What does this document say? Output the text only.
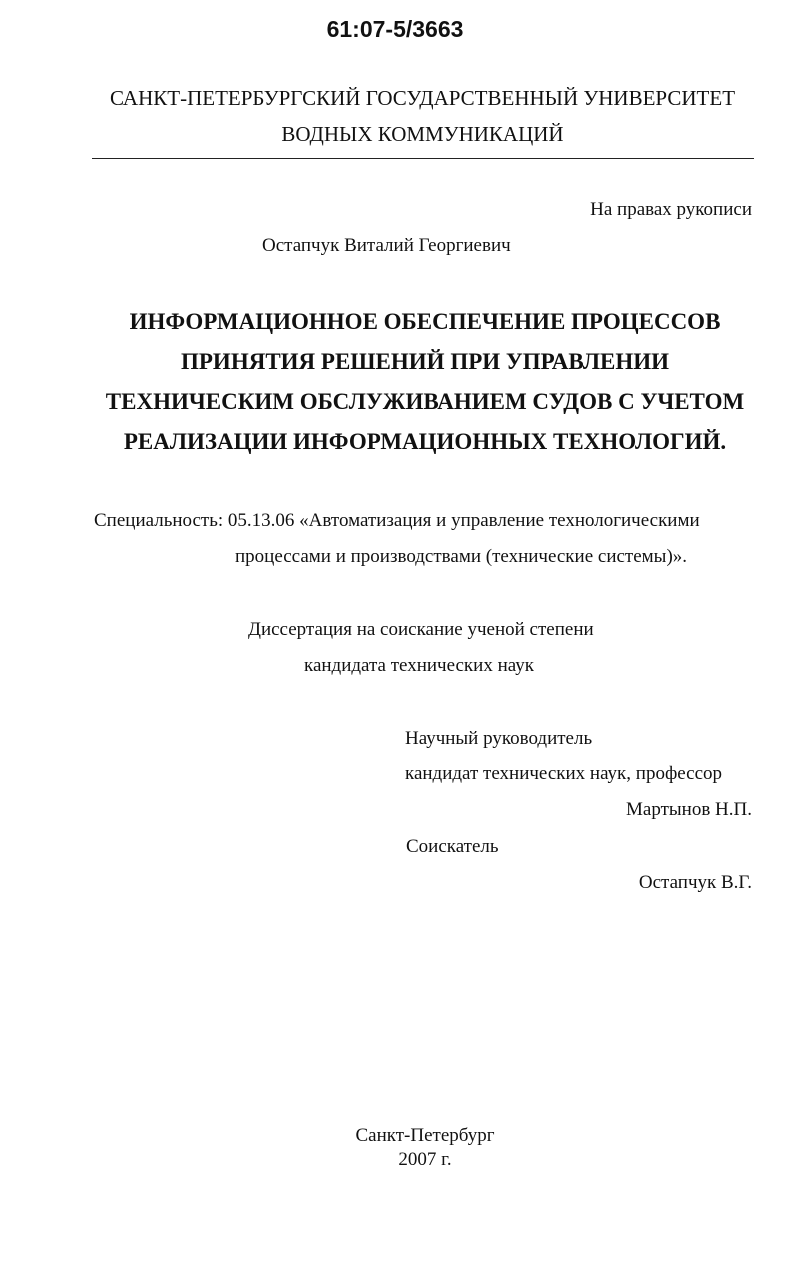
61:07-5/3663
САНКТ-ПЕТЕРБУРГСКИЙ ГОСУДАРСТВЕННЫЙ УНИВЕРСИТЕТ
ВОДНЫХ КОММУНИКАЦИЙ
На правах рукописи
Остапчук Виталий Георгиевич
ИНФОРМАЦИОННОЕ ОБЕСПЕЧЕНИЕ ПРОЦЕССОВ
ПРИНЯТИЯ РЕШЕНИЙ ПРИ УПРАВЛЕНИИ
ТЕХНИЧЕСКИМ ОБСЛУЖИВАНИЕМ СУДОВ С УЧЕТОМ
РЕАЛИЗАЦИИ ИНФОРМАЦИОННЫХ ТЕХНОЛОГИЙ.
Специальность: 05.13.06 «Автоматизация и управление технологическими
процессами и производствами (технические системы)».
Диссертация на соискание ученой степени
кандидата технических наук
Научный руководитель
кандидат технических наук, профессор
Мартынов Н.П.
Соискатель
Остапчук В.Г.
Санкт-Петербург
2007 г.
